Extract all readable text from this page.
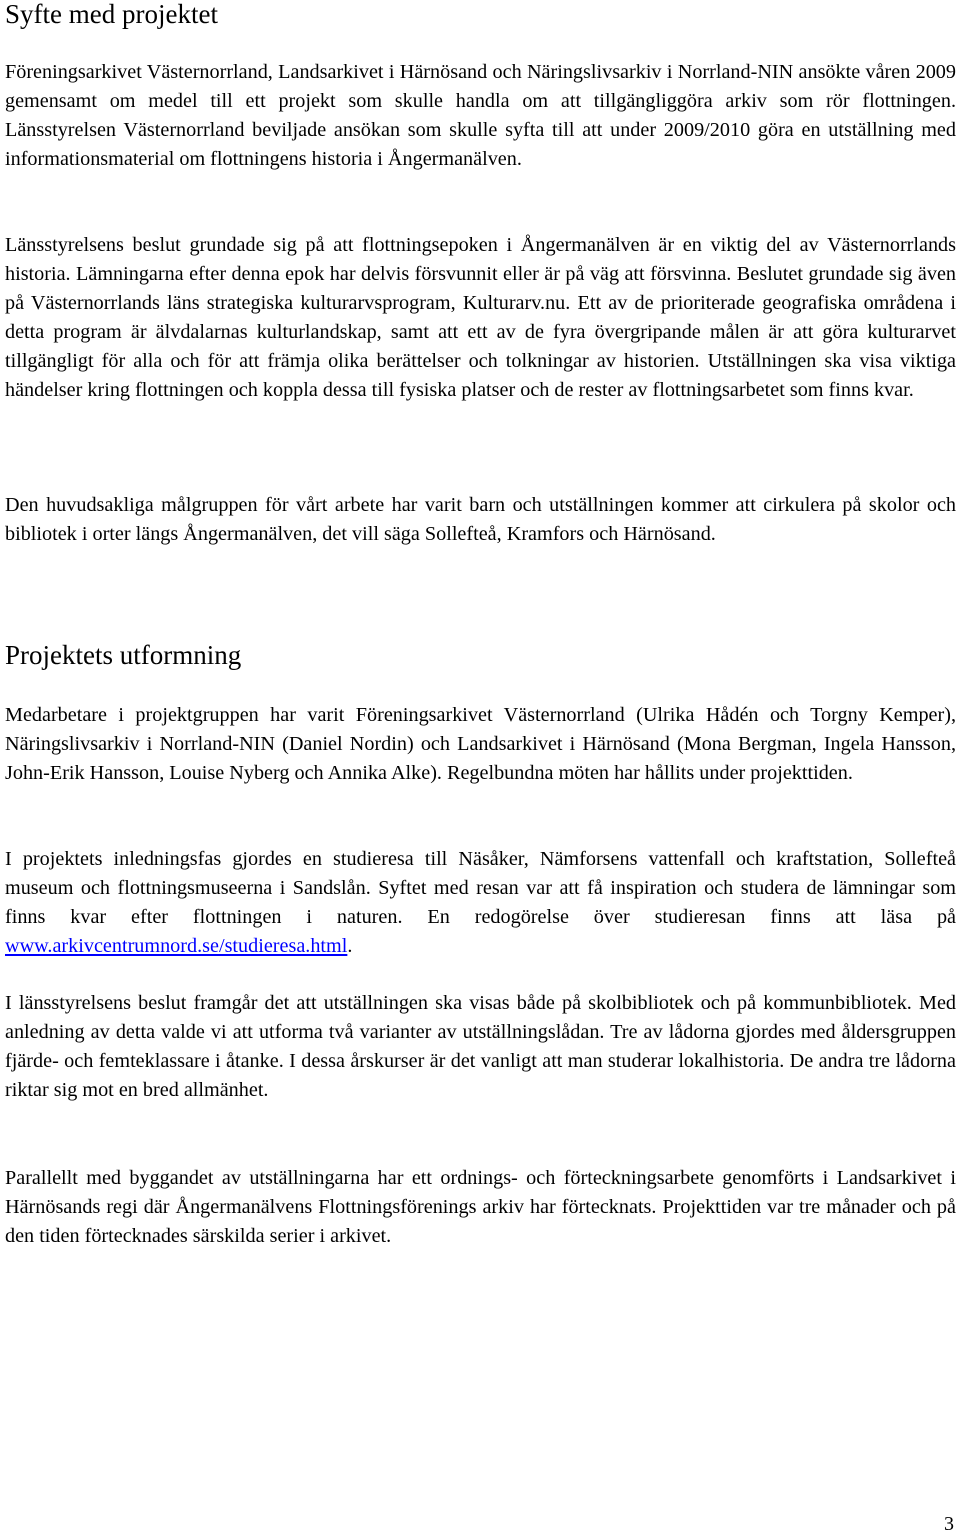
Syfte med projektet

Föreningsarkivet Västernorrland, Landsarkivet i Härnösand och Näringslivsarkiv i Norrland-NIN ansökte våren 2009 gemensamt om medel till ett projekt som skulle handla om att tillgängliggöra arkiv som rör flottningen. Länsstyrelsen Västernorrland beviljade ansökan som skulle syfta till att under 2009/2010 göra en utställning med informationsmaterial om flottningens historia i Ångermanälven.

Länsstyrelsens beslut grundade sig på att flottningsepoken i Ångermanälven är en viktig del av Västernorrlands historia. Lämningarna efter denna epok har delvis försvunnit eller är på väg att försvinna. Beslutet grundade sig även på Västernorrlands läns strategiska kulturarvsprogram, Kulturarv.nu. Ett av de prioriterade geografiska områdena i detta program är älvdalarnas kulturlandskap, samt att ett av de fyra övergripande målen är att göra kulturarvet tillgängligt för alla och för att främja olika berättelser och tolkningar av historien. Utställningen ska visa viktiga händelser kring flottningen och koppla dessa till fysiska platser och de rester av flottningsarbetet som finns kvar.

Den huvudsakliga målgruppen för vårt arbete har varit barn och utställningen kommer att cirkulera på skolor och bibliotek i orter längs Ångermanälven, det vill säga Sollefteå, Kramfors och Härnösand.

Projektets utformning

Medarbetare i projektgruppen har varit Föreningsarkivet Västernorrland (Ulrika Hådén och Torgny Kemper), Näringslivsarkiv i Norrland-NIN (Daniel Nordin) och Landsarkivet i Härnösand (Mona Bergman, Ingela Hansson, John-Erik Hansson, Louise Nyberg och Annika Alke). Regelbundna möten har hållits under projekttiden.

I projektets inledningsfas gjordes en studieresa till Näsåker, Nämforsens vattenfall och kraftstation, Sollefteå museum och flottningsmuseerna i Sandslån. Syftet med resan var att få inspiration och studera de lämningar som finns kvar efter flottningen i naturen. En redogörelse över studieresan finns att läsa på www.arkivcentrumnord.se/studieresa.html.

I länsstyrelsens beslut framgår det att utställningen ska visas både på skolbibliotek och på kommunbibliotek. Med anledning av detta valde vi att utforma två varianter av utställningslådan. Tre av lådorna gjordes med åldersgruppen fjärde- och femteklassare i åtanke. I dessa årskurser är det vanligt att man studerar lokalhistoria. De andra tre lådorna riktar sig mot en bred allmänhet.

Parallellt med byggandet av utställningarna har ett ordnings- och förteckningsarbete genomförts i Landsarkivet i Härnösands regi där Ångermanälvens Flottningsförenings arkiv har förtecknats. Projekttiden var tre månader och på den tiden förtecknades särskilda serier i arkivet.

3
